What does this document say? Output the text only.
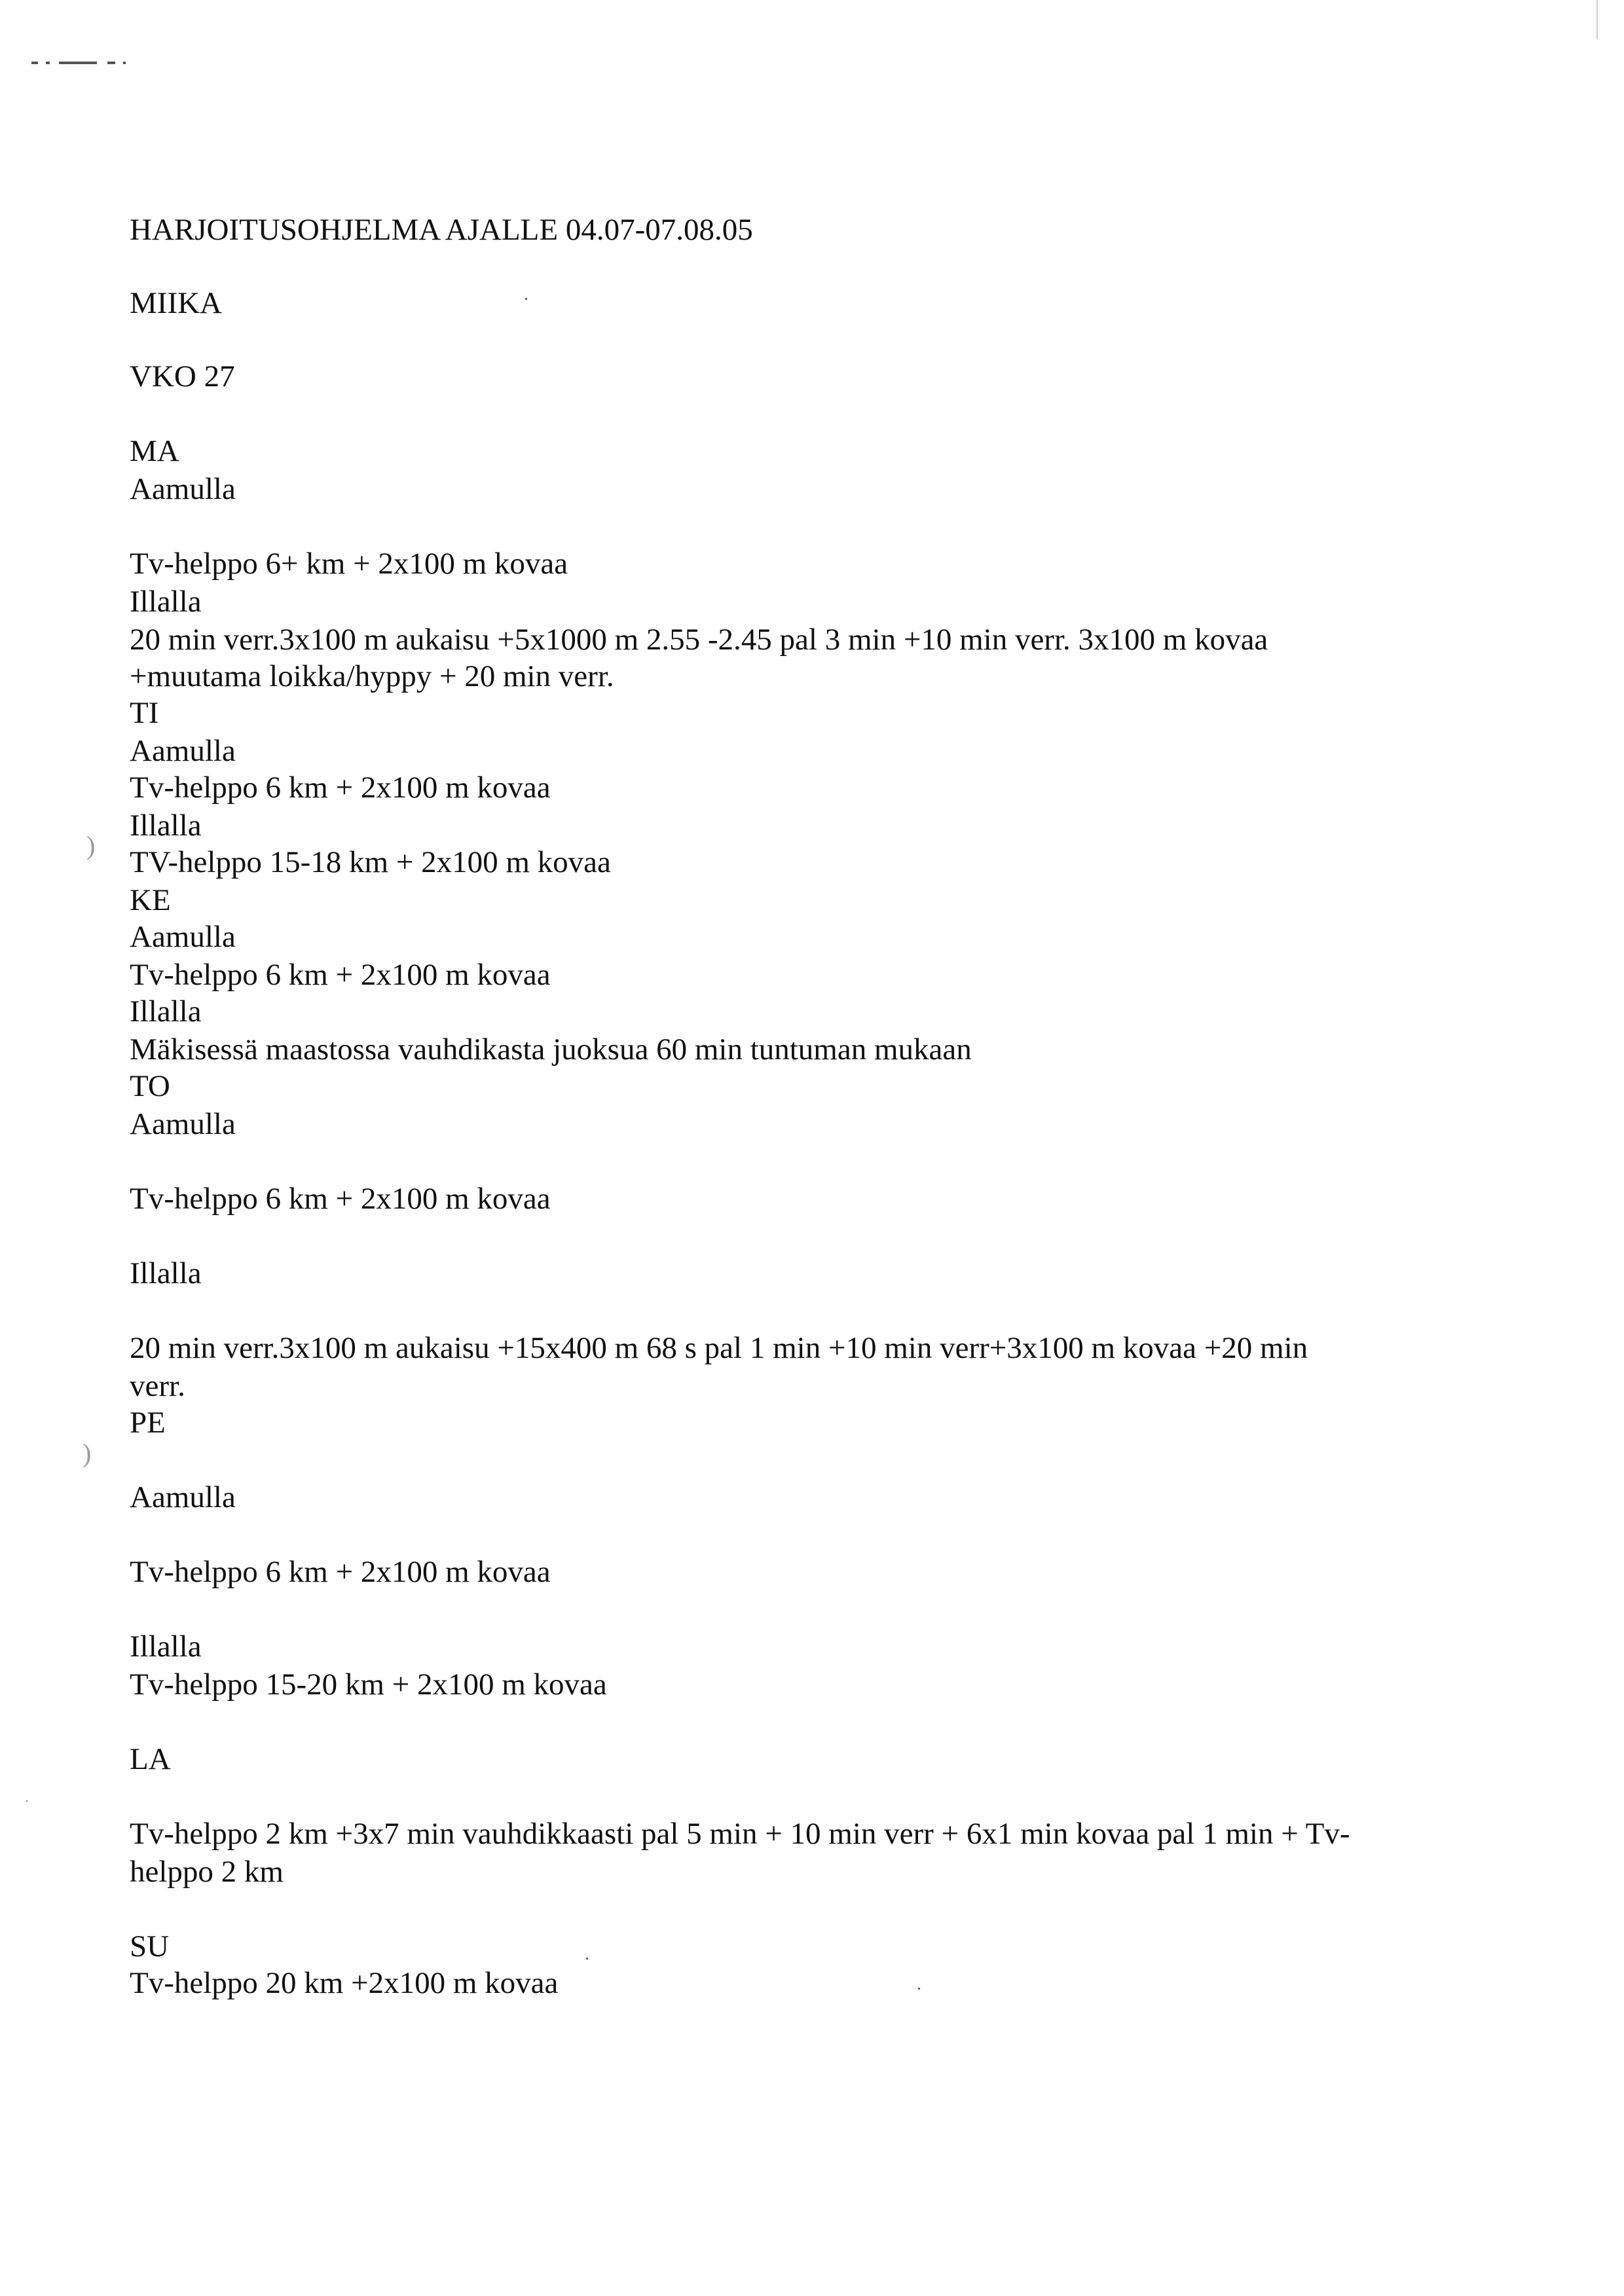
HARJOITUSOHJELMA AJALLE 04.07-07.08.05
MIIKA
VKO 27
MA
Aamulla
Tv-helppo 6+ km + 2x100 m kovaa
Illalla
20 min verr.3x100 m aukaisu +5x1000 m 2.55 -2.45 pal 3 min +10 min verr. 3x100 m kovaa
+muutama loikka/hyppy + 20 min verr.
TI
Aamulla
Tv-helppo 6 km + 2x100 m kovaa
Illalla
TV-helppo 15-18 km + 2x100 m kovaa
KE
Aamulla
Tv-helppo 6 km + 2x100 m kovaa
Illalla
Mäkisessä maastossa vauhdikasta juoksua 60 min tuntuman mukaan
TO
Aamulla
Tv-helppo 6 km + 2x100 m kovaa
Illalla
20 min verr.3x100 m aukaisu +15x400 m 68 s pal 1 min +10 min verr+3x100 m kovaa +20 min
verr.
PE
Aamulla
Tv-helppo 6 km + 2x100 m kovaa
Illalla
Tv-helppo 15-20 km + 2x100 m kovaa
LA
Tv-helppo 2 km +3x7 min vauhdikkaasti pal 5 min + 10 min verr + 6x1 min kovaa pal 1 min + Tv-
helppo 2 km
SU
Tv-helppo 20 km +2x100 m kovaa
)
)
